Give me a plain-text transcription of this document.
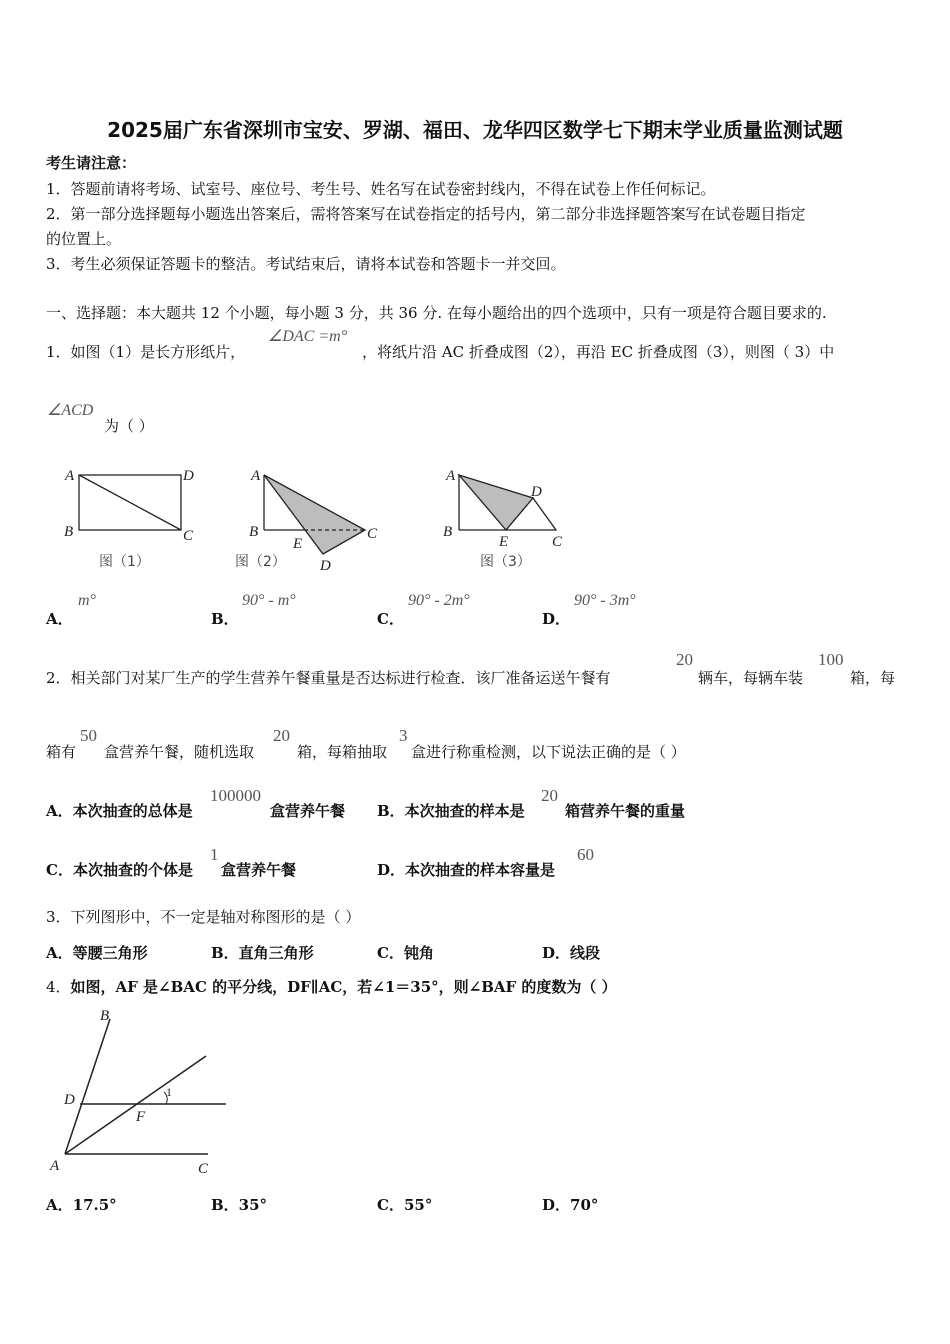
2025届广东省深圳市宝安、罗湖、福田、龙华四区数学七下期末学业质量监测试题
考生请注意：
1．答题前请将考场、试室号、座位号、考生号、姓名写在试卷密封线内，不得在试卷上作任何标记。
2．第一部分选择题每小题选出答案后，需将答案写在试卷指定的括号内，第二部分非选择题答案写在试卷题目指定
的位置上。
3．考生必须保证答题卡的整洁。考试结束后，请将本试卷和答题卡一并交回。
一、选择题：本大题共 12 个小题，每小题 3 分，共 36 分. 在每小题给出的四个选项中，只有一项是符合题目要求的.
1．如图（1）是长方形纸片，
∠DAC =m°
，将纸片沿 AC 折叠成图（2），再沿 EC 折叠成图（3），则图（ 3）中
∠ACD
为（ ）
A	D
B	C
图（1）
A
B
E
C
D
图（2）
A
D
B
E	C
图（3）
A．
m°
B．
90° - m°
C．
90° - 2m°
D．
90° - 3m°
2．相关部门对某厂生产的学生营养午餐重量是否达标进行检查．该厂准备运送午餐有
20
辆车，每辆车装
100
箱，每
箱有
50
盒营养午餐，随机选取
20
箱，每箱抽取
3
盒进行称重检测，以下说法正确的是（ ）
A．本次抽查的总体是
100000
盒营养午餐 B．本次抽查的样本是
20
箱营养午餐的重量
C．本次抽查的个体是
1
盒营养午餐	D．本次抽查的样本容量是
60
3．下列图形中，不一定是轴对称图形的是（ ）
A．等腰三角形	B．直角三角形	C．钝角	D．线段
4．如图，AF 是∠BAC 的平分线，DF∥AC，若∠1＝35°，则∠BAF 的度数为（ ）
B
D
F
1
A	C
A．17.5°	B．35°	C．55°	D．70°
